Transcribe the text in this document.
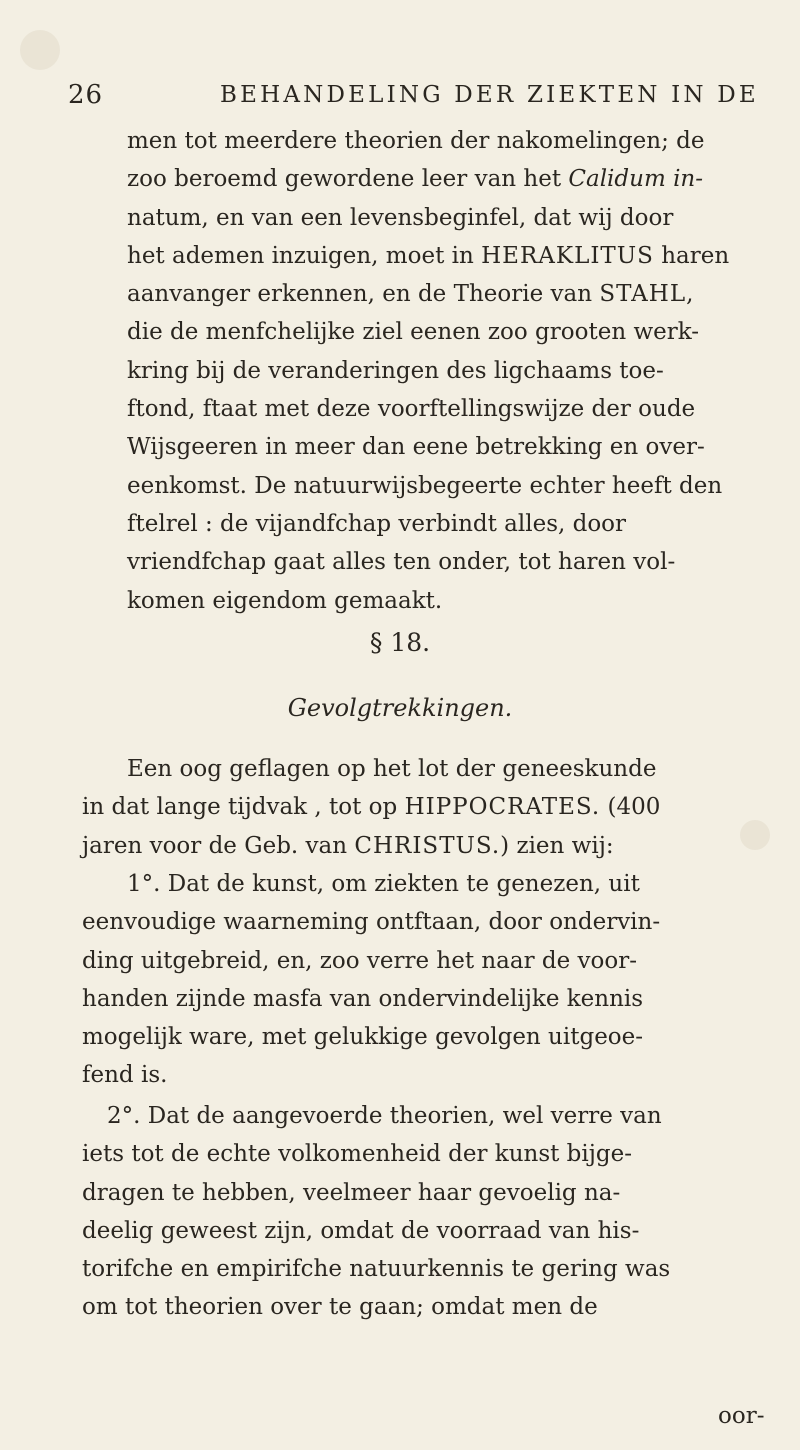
26	BEHANDELING DER ZIEKTEN IN DE

men tot meerdere theorien der nakomelingen; de

zoo beroemd gewordene leer van het Calidum in-

natum, en van een levensbeginfel, dat wij door

het ademen inzuigen, moet in HERAKLITUS haren

aanvanger erkennen, en de Theorie van STAHL,

die de menfchelijke ziel eenen zoo grooten werk-

kring bij de veranderingen des ligchaams toe-

ftond, ftaat met deze voorftellingswijze der oude

Wijsgeeren in meer dan eene betrekking en over-

eenkomst. De natuurwijsbegeerte echter heeft den

ftelrel : de vijandfchap verbindt alles, door

vriendfchap gaat alles ten onder, tot haren vol-

komen eigendom gemaakt.

§ 18.
Gevolgtrekkingen.

Een oog geflagen op het lot der geneeskunde

in dat lange tijdvak , tot op HIPPOCRATES. (400

jaren voor de Geb. van CHRISTUS.) zien wij:

1°. Dat de kunst, om ziekten te genezen, uit

eenvoudige waarneming ontftaan, door ondervin-

ding uitgebreid, en, zoo verre het naar de voor-

handen zijnde masfa van ondervindelijke kennis

mogelijk ware, met gelukkige gevolgen uitgeoe-

fend is.

2°. Dat de aangevoerde theorien, wel verre van

iets tot de echte volkomenheid der kunst bijge-

dragen te hebben, veelmeer haar gevoelig na-

deelig geweest zijn, omdat de voorraad van his-

torifche en empirifche natuurkennis te gering was

om tot theorien over te gaan; omdat men de

oor-
